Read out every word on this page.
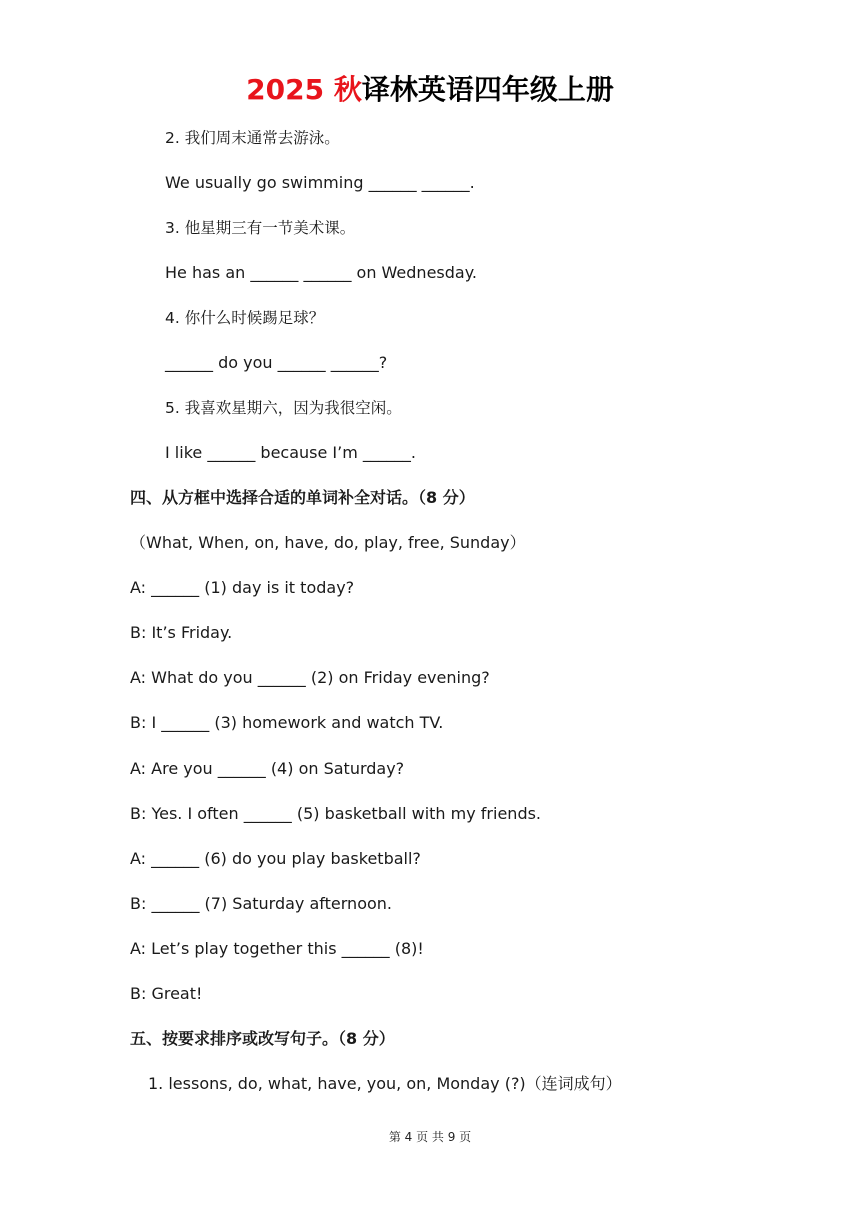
2025 秋译林英语四年级上册
2. 我们周末通常去游泳。
We usually go swimming ______ ______.
3. 他星期三有一节美术课。
He has an ______ ______ on Wednesday.
4. 你什么时候踢足球？
______ do you ______ ______?
5. 我喜欢星期六，因为我很空闲。
I like ______ because I’m ______.
四、从方框中选择合适的单词补全对话。（8 分）
（What, When, on, have, do, play, free, Sunday）
A: ______ (1) day is it today?
B: It’s Friday.
A: What do you ______ (2) on Friday evening?
B: I ______ (3) homework and watch TV.
A: Are you ______ (4) on Saturday?
B: Yes. I often ______ (5) basketball with my friends.
A: ______ (6) do you play basketball?
B: ______ (7) Saturday afternoon.
A: Let’s play together this ______ (8)!
B: Great!
五、按要求排序或改写句子。（8 分）
1. lessons, do, what, have, you, on, Monday (?)（连词成句）
第 4 页 共 9 页
